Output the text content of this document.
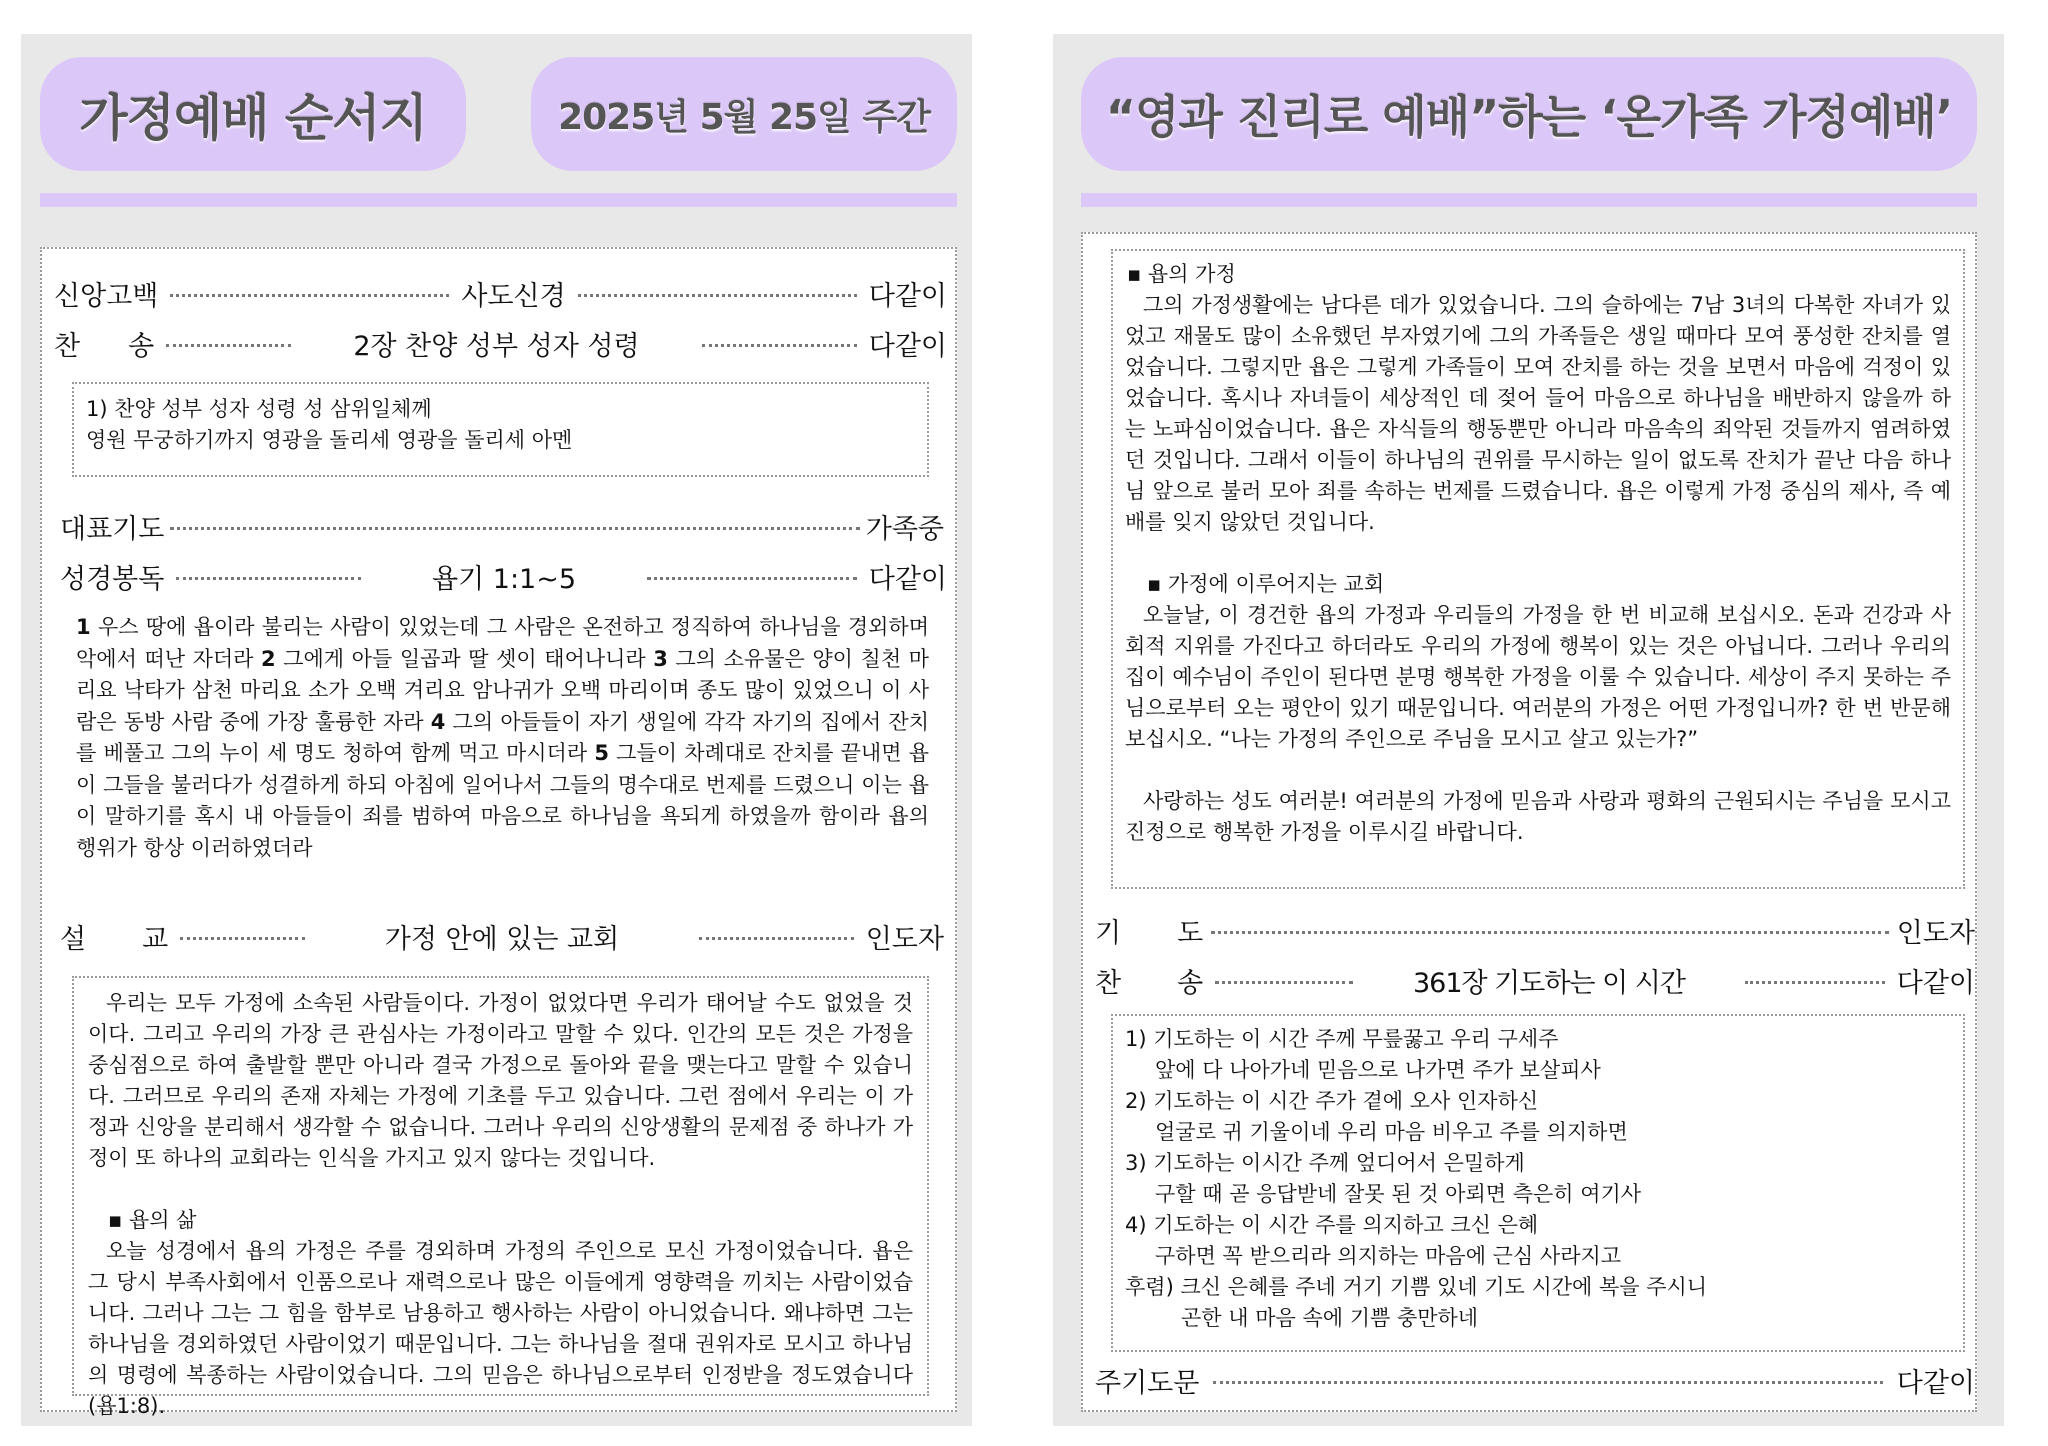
가정예배 순서지	2025년 5월 25일 주간
신앙고백	사도신경	다같이
찬 송	2장 찬양 성부 성자 성령	다같이
1) 찬양 성부 성자 성령 성 삼위일체께
영원 무궁하기까지 영광을 돌리세 영광을 돌리세 아멘
대표기도	가족중
성경봉독	욥기 1:1~5	다같이
1 우스 땅에 욥이라 불리는 사람이 있었는데 그 사람은 온전하고 정직하여 하나님을 경외하며 악에서 떠난 자더라 2 그에게 아들 일곱과 딸 셋이 태어나니라 3 그의 소유물은 양이 칠천 마리요 낙타가 삼천 마리요 소가 오백 겨리요 암나귀가 오백 마리이며 종도 많이 있었으니 이 사람은 동방 사람 중에 가장 훌륭한 자라 4 그의 아들들이 자기 생일에 각각 자기의 집에서 잔치를 베풀고 그의 누이 세 명도 청하여 함께 먹고 마시더라 5 그들이 차례대로 잔치를 끝내면 욥이 그들을 불러다가 성결하게 하되 아침에 일어나서 그들의 명수대로 번제를 드렸으니 이는 욥이 말하기를 혹시 내 아들들이 죄를 범하여 마음으로 하나님을 욕되게 하였을까 함이라 욥의 행위가 항상 이러하였더라
설 교	가정 안에 있는 교회	인도자
우리는 모두 가정에 소속된 사람들이다. 가정이 없었다면 우리가 태어날 수도 없었을 것이다. 그리고 우리의 가장 큰 관심사는 가정이라고 말할 수 있다. 인간의 모든 것은 가정을 중심점으로 하여 출발할 뿐만 아니라 결국 가정으로 돌아와 끝을 맺는다고 말할 수 있습니다. 그러므로 우리의 존재 자체는 가정에 기초를 두고 있습니다. 그런 점에서 우리는 이 가정과 신앙을 분리해서 생각할 수 없습니다. 그러나 우리의 신앙생활의 문제점 중 하나가 가정이 또 하나의 교회라는 인식을 가지고 있지 않다는 것입니다.
▪ 욥의 삶
오늘 성경에서 욥의 가정은 주를 경외하며 가정의 주인으로 모신 가정이었습니다. 욥은 그 당시 부족사회에서 인품으로나 재력으로나 많은 이들에게 영향력을 끼치는 사람이었습니다. 그러나 그는 그 힘을 함부로 남용하고 행사하는 사람이 아니었습니다. 왜냐하면 그는 하나님을 경외하였던 사람이었기 때문입니다. 그는 하나님을 절대 권위자로 모시고 하나님의 명령에 복종하는 사람이었습니다. 그의 믿음은 하나님으로부터 인정받을 정도였습니다(욥1:8).
“영과 진리로 예배”하는 ‘온가족 가정예배’
▪ 욥의 가정
그의 가정생활에는 남다른 데가 있었습니다. 그의 슬하에는 7남 3녀의 다복한 자녀가 있었고 재물도 많이 소유했던 부자였기에 그의 가족들은 생일 때마다 모여 풍성한 잔치를 열었습니다. 그렇지만 욥은 그렇게 가족들이 모여 잔치를 하는 것을 보면서 마음에 걱정이 있었습니다. 혹시나 자녀들이 세상적인 데 젖어 들어 마음으로 하나님을 배반하지 않을까 하는 노파심이었습니다. 욥은 자식들의 행동뿐만 아니라 마음속의 죄악된 것들까지 염려하였던 것입니다. 그래서 이들이 하나님의 권위를 무시하는 일이 없도록 잔치가 끝난 다음 하나님 앞으로 불러 모아 죄를 속하는 번제를 드렸습니다. 욥은 이렇게 가정 중심의 제사, 즉 예배를 잊지 않았던 것입니다.
▪ 가정에 이루어지는 교회
오늘날, 이 경건한 욥의 가정과 우리들의 가정을 한 번 비교해 보십시오. 돈과 건강과 사회적 지위를 가진다고 하더라도 우리의 가정에 행복이 있는 것은 아닙니다. 그러나 우리의 집이 예수님이 주인이 된다면 분명 행복한 가정을 이룰 수 있습니다. 세상이 주지 못하는 주님으로부터 오는 평안이 있기 때문입니다. 여러분의 가정은 어떤 가정입니까? 한 번 반문해 보십시오. “나는 가정의 주인으로 주님을 모시고 살고 있는가?”
사랑하는 성도 여러분! 여러분의 가정에 믿음과 사랑과 평화의 근원되시는 주님을 모시고 진정으로 행복한 가정을 이루시길 바랍니다.
기 도	인도자
찬 송	361장 기도하는 이 시간	다같이
1) 기도하는 이 시간 주께 무릎꿇고 우리 구세주
앞에 다 나아가네 믿음으로 나가면 주가 보살피사
2) 기도하는 이 시간 주가 곁에 오사 인자하신
얼굴로 귀 기울이네 우리 마음 비우고 주를 의지하면
3) 기도하는 이시간 주께 엎디어서 은밀하게
구할 때 곧 응답받네 잘못 된 것 아뢰면 측은히 여기사
4) 기도하는 이 시간 주를 의지하고 크신 은혜
구하면 꼭 받으리라 의지하는 마음에 근심 사라지고
후렴) 크신 은혜를 주네 거기 기쁨 있네 기도 시간에 복을 주시니
곤한 내 마음 속에 기쁨 충만하네
주기도문	다같이
